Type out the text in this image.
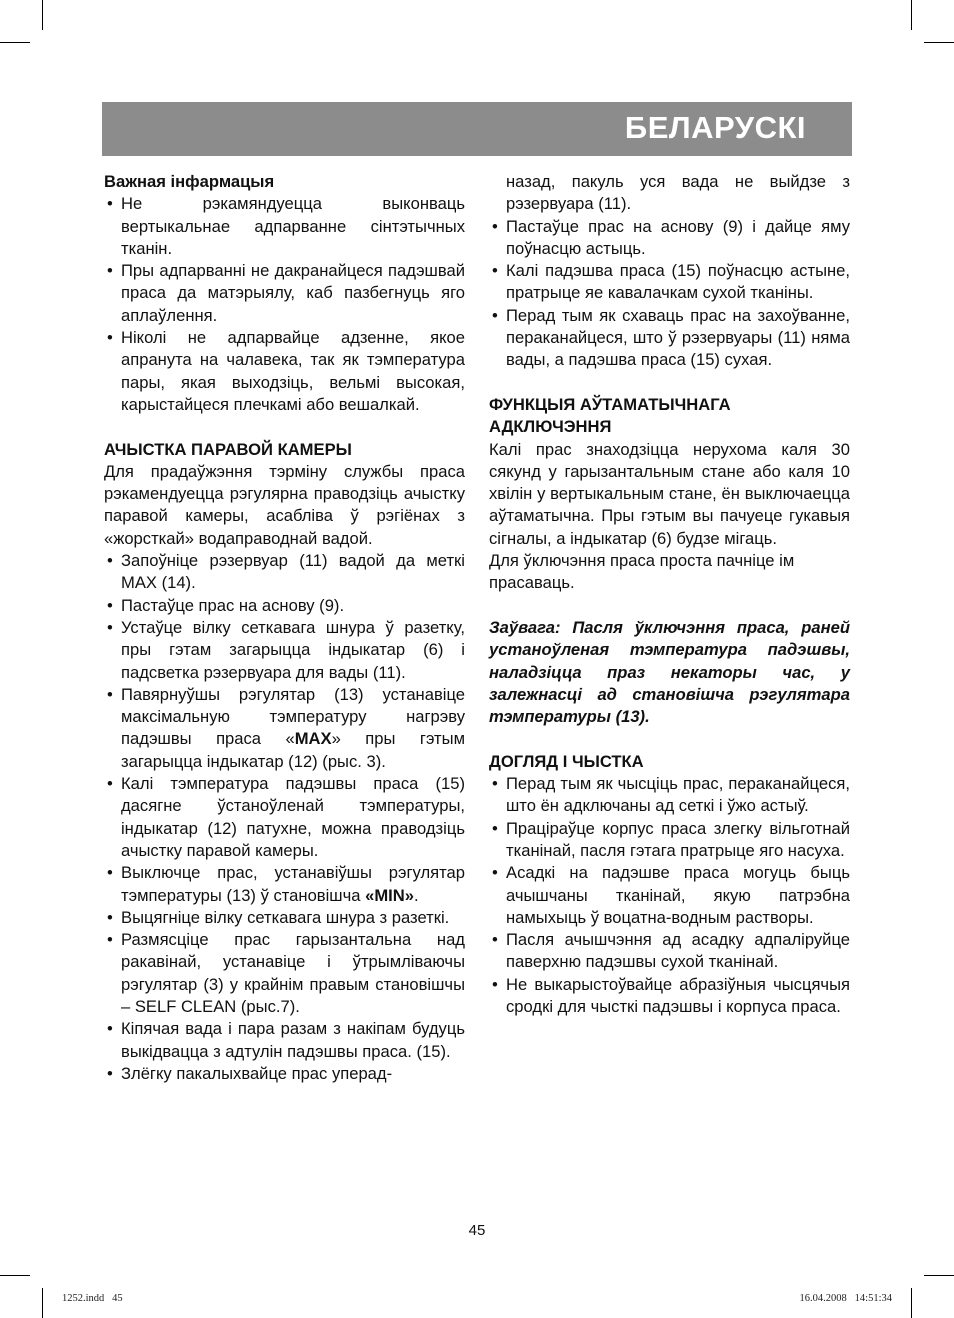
БЕЛАРУСКІ

Важная інфармацыя

• Не рэкамяндуецца выконваць вертыкальнае адпарванне сінтэтычных тканін.
• Пры адпарванні не дакранайцеся падэшвай праса да матэрыялу, каб пазбегнуць яго аплаўлення.
• Ніколі не адпарвайце адзенне, якое апранута на чалавека, так як тэмпература пары, якая выходзіць, вельмі высокая, карыстайцеся плечкамі або вешалкай.

АЧЫСТКА ПАРАВОЙ КАМЕРЫ

Для прадаўжэння тэрміну службы праса рэкамендуецца рэгулярна праводзіць ачыстку паравой камеры, асабліва ў рэгіёнах з «жорсткай» водаправоднай вадой.

• Запоўніце рэзервуар (11) вадой да меткі MAX (14).
• Пастаўце прас на аснову (9).
• Устаўце вілку сеткавага шнура ў разетку, пры гэтам загарыцца індыкатар (6) і падсветка рэзервуара для вады (11).
• Павярнуўшы рэгулятар (13) устанавіце максімальную тэмпературу нагрэву падэшвы праса «MAX» пры гэтым загарыцца індыкатар (12) (рыс. 3).
• Калі тэмпература падэшвы праса (15) дасягне ўстаноўленай тэмпературы, індыкатар (12) патухне, можна праводзіць ачыстку паравой камеры.
• Выключце прас, устанавіўшы рэгулятар тэмпературы (13) ў становішча «MIN».
• Выцягніце вілку сеткавага шнура з разеткі.
• Размясціце прас гарызантальна над ракавінай, устанавіце і ўтрымліваючы рэгулятар (3) у крайнім правым становішчы – SELF CLEAN (рыс.7).
• Кіпячая вада і пара разам з накіпам будуць выкідвацца з адтулін падэшвы праса. (15).
• Злёгку пакалыхвайце прас уперад-

назад, пакуль уся вада не выйдзе з рэзервуара (11).

• Пастаўце прас на аснову (9) і дайце яму поўнасцю астыць.
• Калі падэшва праса (15) поўнасцю астыне, пратрыце яе кавалачкам сухой тканіны.
• Перад тым як схаваць прас на захоўванне, пераканайцеся, што ў рэзервуары (11) няма вады, а падэшва праса (15) сухая.

ФУНКЦЫЯ АЎТАМАТЫЧНАГА
АДКЛЮЧЭННЯ

Калі прас знаходзіцца нерухома каля 30 сякунд у гарызантальным стане або каля 10 хвілін у вертыкальным стане, ён выключаецца аўтаматычна. Пры гэтым вы пачуеце гукавыя сігналы, а індыкатар (6) будзе мігаць.

Для ўключэння праса проста пачніце ім прасаваць.

Заўвага: Пасля ўключэння праса, раней устаноўленая тэмпература падэшвы, наладзіцца праз некаторы час, у залежнасці ад становішча рэгулятара тэмпературы (13).

ДОГЛЯД І ЧЫСТКА

• Перад тым як чысціць прас, пераканайцеся, што ён адключаны ад сеткі і ўжо астыў.
• Праціраўце корпус праса злегку вільготнай тканінай, пасля гэтага пратрыце яго насуха.
• Асадкі на падэшве праса могуць быць ачышчаны тканінай, якую патрэбна намыхыць ў воцатна-водным растворы.
• Пасля ачышчэння ад асадку адпаліруйце паверхню падэшвы сухой тканінай.
• Не выкарыстоўвайце абразіўныя чысцячыя сродкі для чысткі падэшвы і корпуса праса.
45
1252.indd   45	16.04.2008   14:51:34
